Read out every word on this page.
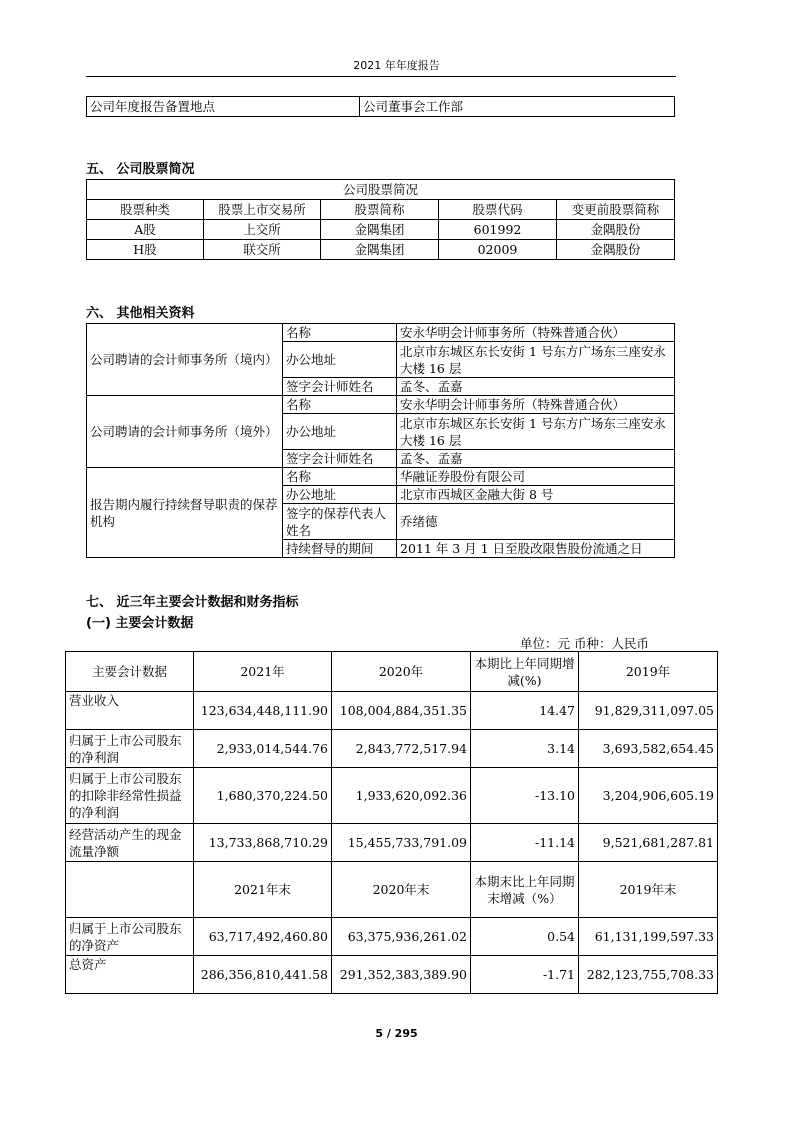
2021 年年度报告
公司年度报告备置地点	公司董事会工作部
五、 公司股票简况
公司股票简况				
股票种类	股票上市交易所	股票简称	股票代码	变更前股票简称
A股	上交所	金隅集团	601992	金隅股份
H股	联交所	金隅集团	02009	金隅股份
六、 其他相关资料
公司聘请的会计师事务所（境内）	名称	安永华明会计师事务所（特殊普通合伙）
	办公地址	北京市东城区东长安街 1 号东方广场东三座安永大楼 16 层
	签字会计师姓名	孟冬、孟嘉
公司聘请的会计师事务所（境外）	名称	安永华明会计师事务所（特殊普通合伙）
	办公地址	北京市东城区东长安街 1 号东方广场东三座安永大楼 16 层
	签字会计师姓名	孟冬、孟嘉
报告期内履行持续督导职责的保荐机构	名称	华融证券股份有限公司
	办公地址	北京市西城区金融大街 8 号
	签字的保荐代表人姓名	乔绪德
	持续督导的期间	2011 年 3 月 1 日至股改限售股份流通之日
七、 近三年主要会计数据和财务指标
(一) 主要会计数据
单位：元 币种：人民币
主要会计数据	2021年	2020年	本期比上年同期增减(%)	2019年
营业收入	123,634,448,111.90	108,004,884,351.35	14.47	91,829,311,097.05
归属于上市公司股东的净利润	2,933,014,544.76	2,843,772,517.94	3.14	3,693,582,654.45
归属于上市公司股东的扣除非经常性损益的净利润	1,680,370,224.50	1,933,620,092.36	-13.10	3,204,906,605.19
经营活动产生的现金流量净额	13,733,868,710.29	15,455,733,791.09	-11.14	9,521,681,287.81
	2021年末	2020年末	本期末比上年同期末增减（%）	2019年末
归属于上市公司股东的净资产	63,717,492,460.80	63,375,936,261.02	0.54	61,131,199,597.33
总资产	286,356,810,441.58	291,352,383,389.90	-1.71	282,123,755,708.33
5 / 295
